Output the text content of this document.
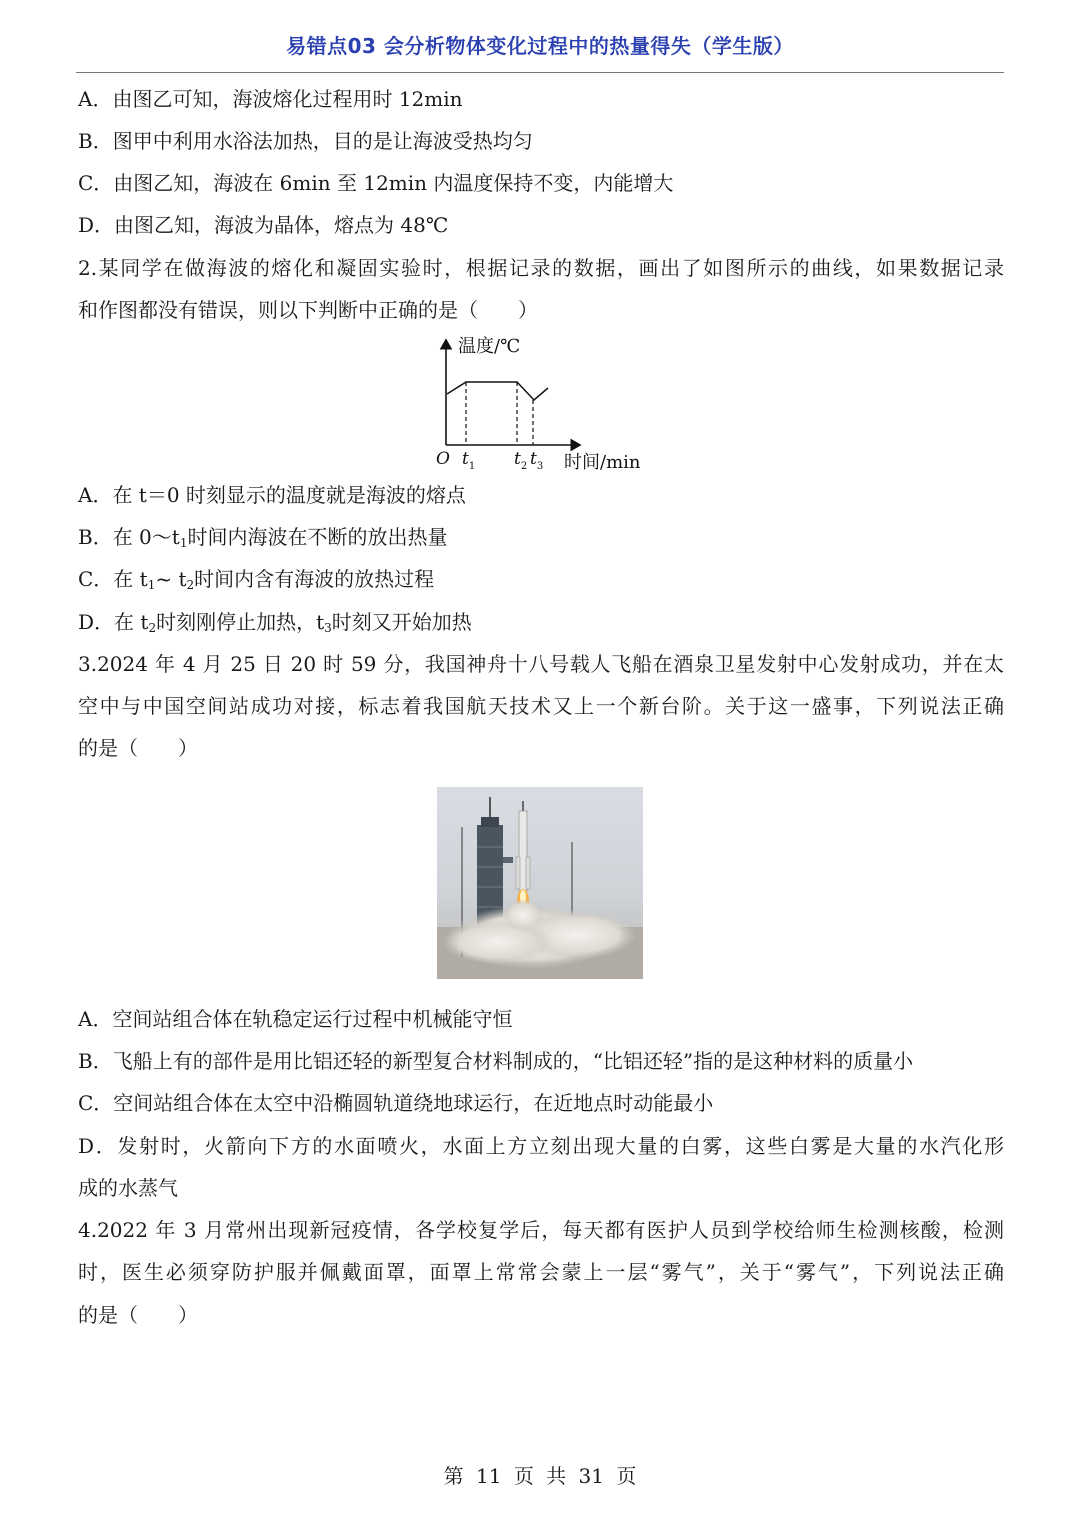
易错点03 会分析物体变化过程中的热量得失（学生版）
A．由图乙可知，海波熔化过程用时 12min
B．图甲中利用水浴法加热，目的是让海波受热均匀
C．由图乙知，海波在 6min 至 12min 内温度保持不变，内能增大
D．由图乙知，海波为晶体，熔点为 48℃
2.某同学在做海波的熔化和凝固实验时，根据记录的数据，画出了如图所示的曲线，如果数据记录
和作图都没有错误，则以下判断中正确的是（　　）
温度/℃
O $t_1$ $t_2$ $t_3$ 时间/min
A．在 t＝0 时刻显示的温度就是海波的熔点
B．在 $0\sim t_1$时间内海波在不断的放出热量
C．在 $t_1\sim$ $t_2$时间内含有海波的放热过程
D．在 $t_2$时刻刚停止加热，$t_3$时刻又开始加热
3.2024 年 4 月 25 日 20 时 59 分，我国神舟十八号载人飞船在酒泉卫星发射中心发射成功，并在太
空中与中国空间站成功对接，标志着我国航天技术又上一个新台阶。关于这一盛事，下列说法正确
的是（　　）
A．空间站组合体在轨稳定运行过程中机械能守恒
B．飞船上有的部件是用比铝还轻的新型复合材料制成的，“比铝还轻”指的是这种材料的质量小
C．空间站组合体在太空中沿椭圆轨道绕地球运行，在近地点时动能最小
D．发射时，火箭向下方的水面喷火，水面上方立刻出现大量的白雾，这些白雾是大量的水汽化形
成的水蒸气
4.2022 年 3 月常州出现新冠疫情，各学校复学后，每天都有医护人员到学校给师生检测核酸，检测
时，医生必须穿防护服并佩戴面罩，面罩上常常会蒙上一层“雾气”，关于“雾气”，下列说法正确
的是（　　）
第 11 页 共 31 页
